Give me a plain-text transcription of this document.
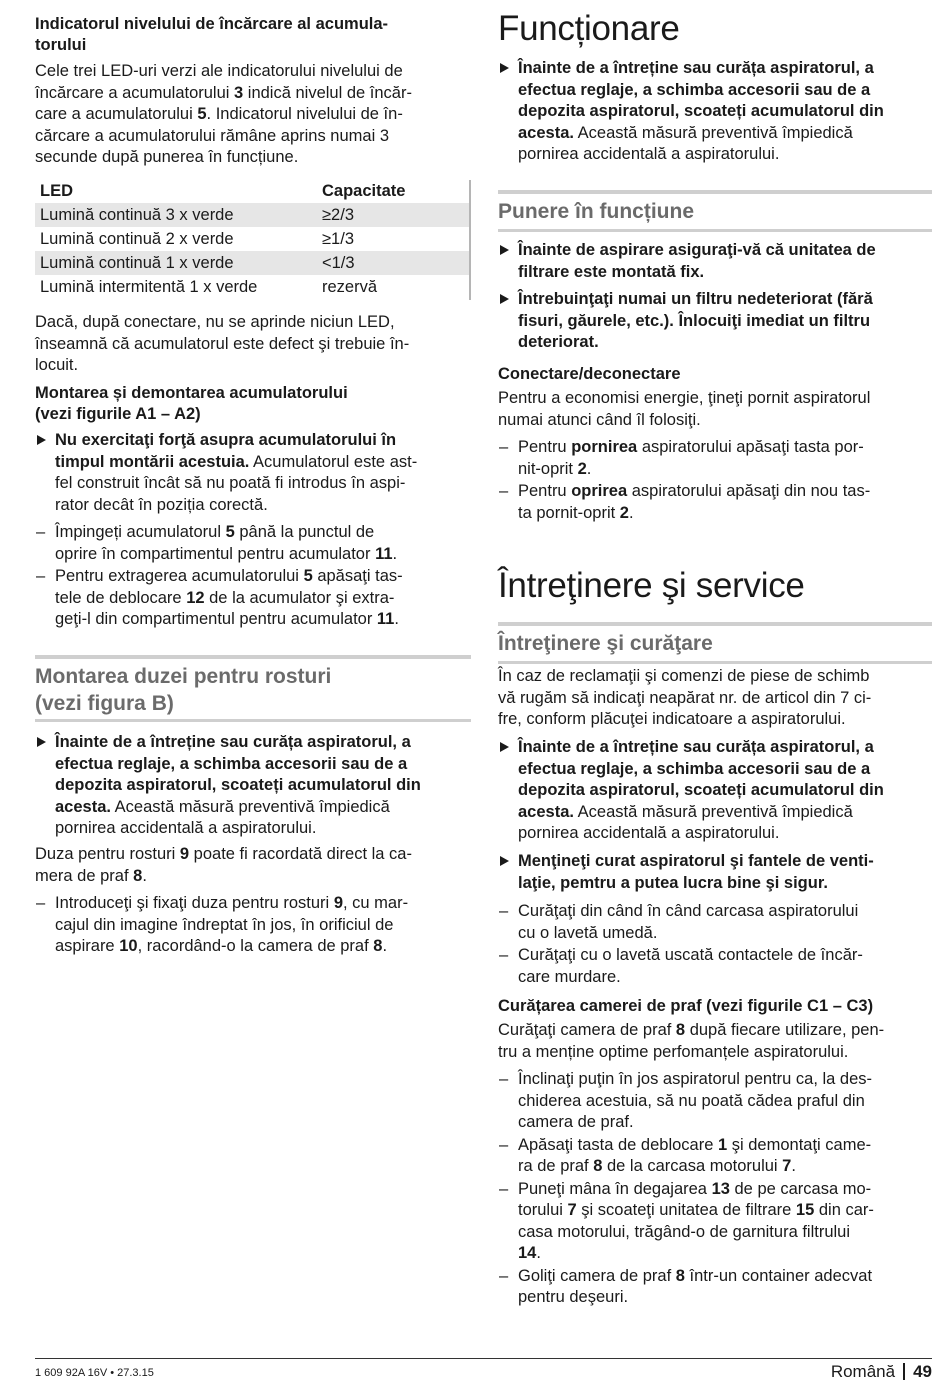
Indicatorul nivelului de încărcare al acumula-
torului
Cele trei LED-uri verzi ale indicatorului nivelului de
încărcare a acumulatorului 3 indică nivelul de încăr-
care a acumulatorului 5. Indicatorul nivelului de în-
cărcare a acumulatorului rămâne aprins numai 3
secunde după punerea în funcțiune.
LED	Capacitate
Lumină continuă 3 x verde	≥2/3
Lumină continuă 2 x verde	≥1/3
Lumină continuă 1 x verde	<1/3
Lumină intermitentă 1 x verde	rezervă
Dacă, după conectare, nu se aprinde niciun LED,
înseamnă că acumulatorul este defect şi trebuie în-
locuit.
Montarea și demontarea acumulatorului
(vezi figurile A1 – A2)
Nu exercitaţi forţă asupra acumulatorului în
timpul montării acestuia. Acumulatorul este ast-
fel construit încât să nu poată fi introdus în aspi-
rator decât în poziția corectă.
– Împingeți acumulatorul 5 până la punctul de
oprire în compartimentul pentru acumulator 11.
– Pentru extragerea acumulatorului 5 apăsaţi tas-
tele de deblocare 12 de la acumulator şi extra-
geţi-l din compartimentul pentru acumulator 11.
Montarea duzei pentru rosturi
(vezi figura B)
Înainte de a întreține sau curăța aspiratorul, a
efectua reglaje, a schimba accesorii sau de a
depozita aspiratorul, scoateți acumulatorul din
acesta. Această măsură preventivă împiedică
pornirea accidentală a aspiratorului.
Duza pentru rosturi 9 poate fi racordată direct la ca-
mera de praf 8.
– Introduceţi şi fixaţi duza pentru rosturi 9, cu mar-
cajul din imagine îndreptat în jos, în orificiul de
aspirare 10, racordând-o la camera de praf 8.
Funcționare
Înainte de a întreține sau curăța aspiratorul, a
efectua reglaje, a schimba accesorii sau de a
depozita aspiratorul, scoateți acumulatorul din
acesta. Această măsură preventivă împiedică
pornirea accidentală a aspiratorului.
Punere în funcțiune
Înainte de aspirare asiguraţi-vă că unitatea de
filtrare este montată fix.
Întrebuinţaţi numai un filtru nedeteriorat (fără
fisuri, găurele, etc.). Înlocuiţi imediat un filtru
deteriorat.
Conectare/deconectare
Pentru a economisi energie, ţineţi pornit aspiratorul
numai atunci când îl folosiţi.
– Pentru pornirea aspiratorului apăsaţi tasta por-
nit-oprit 2.
– Pentru oprirea aspiratorului apăsaţi din nou tas-
ta pornit-oprit 2.
Întreţinere şi service
Întreţinere şi curăţare
În caz de reclamaţii şi comenzi de piese de schimb
vă rugăm să indicaţi neapărat nr. de articol din 7 ci-
fre, conform plăcuţei indicatoare a aspiratorului.
Înainte de a întreține sau curăța aspiratorul, a
efectua reglaje, a schimba accesorii sau de a
depozita aspiratorul, scoateți acumulatorul din
acesta. Această măsură preventivă împiedică
pornirea accidentală a aspiratorului.
Menţineţi curat aspiratorul şi fantele de venti-
laţie, pemtru a putea lucra bine şi sigur.
– Curăţaţi din când în când carcasa aspiratorului
cu o lavetă umedă.
– Curăţaţi cu o lavetă uscată contactele de încăr-
care murdare.
Curățarea camerei de praf (vezi figurile C1 – C3)
Curăţaţi camera de praf 8 după fiecare utilizare, pen-
tru a menține optime perfomanțele aspiratorului.
– Înclinaţi puţin în jos aspiratorul pentru ca, la des-
chiderea acestuia, să nu poată cădea praful din
camera de praf.
– Apăsaţi tasta de deblocare 1 şi demontaţi came-
ra de praf 8 de la carcasa motorului 7.
– Puneţi mâna în degajarea 13 de pe carcasa mo-
torului 7 şi scoateţi unitatea de filtrare 15 din car-
casa motorului, trăgând-o de garnitura filtrului
14.
– Goliţi camera de praf 8 într-un container adecvat
pentru deşeuri.
1 609 92A 16V • 27.3.15	Română 49
